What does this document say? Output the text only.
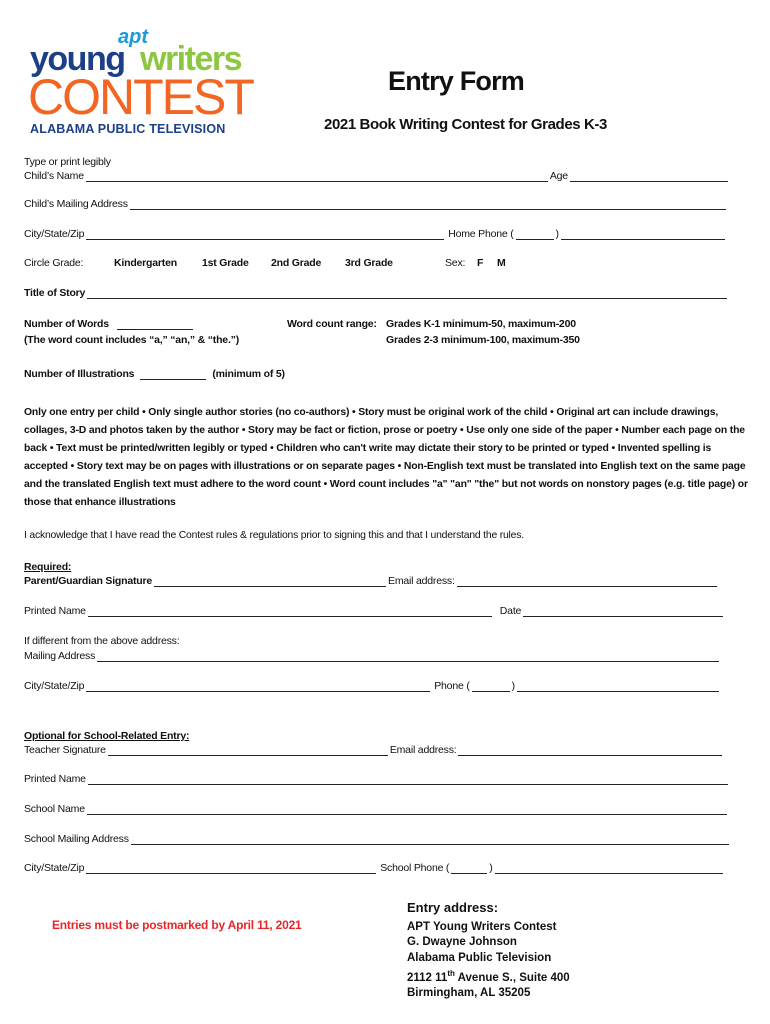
apt
young writers
CONTEST
ALABAMA PUBLIC TELEVISION
Entry Form
2021 Book Writing Contest for Grades K-3
Type or print legibly
Child’s Name	Age
Child’s Mailing Address
City/State/Zip	Home Phone (	)
Circle Grade:	Kindergarten	1st Grade	2nd Grade	3rd Grade	Sex:	F	M
Title of Story
Number of Words
(The word count includes “a,” “an,” & “the.”)
Word count range: Grades K-1 minimum-50, maximum-200
Grades 2-3 minimum-100, maximum-350
Number of Illustrations	(minimum of 5)
Only one entry per child • Only single author stories (no co-authors) • Story must be original work of the child • Original art can include drawings, collages, 3-D and photos taken by the author • Story may be fact or fiction, prose or poetry • Use only one side of the paper • Number each page on the back • Text must be printed/written legibly or typed • Children who can't write may dictate their story to be printed or typed • Invented spelling is accepted • Story text may be on pages with illustrations or on separate pages • Non-English text must be translated into English text on the same page and the translated English text must adhere to the word count • Word count includes "a" "an" "the" but not words on nonstory pages (e.g. title page) or those that enhance illustrations
I acknowledge that I have read the Contest rules & regulations prior to signing this and that I understand the rules.
Required:
Parent/Guardian Signature	Email address:
Printed Name	Date
If different from the above address:
Mailing Address
City/State/Zip	Phone (	)
Optional for School-Related Entry:
Teacher Signature	Email address:
Printed Name
School Name
School Mailing Address
City/State/Zip	School Phone (	)
Entries must be postmarked by April 11, 2021
Entry address:
APT Young Writers Contest
G. Dwayne Johnson
Alabama Public Television
2112 11th Avenue S., Suite 400
Birmingham, AL 35205
